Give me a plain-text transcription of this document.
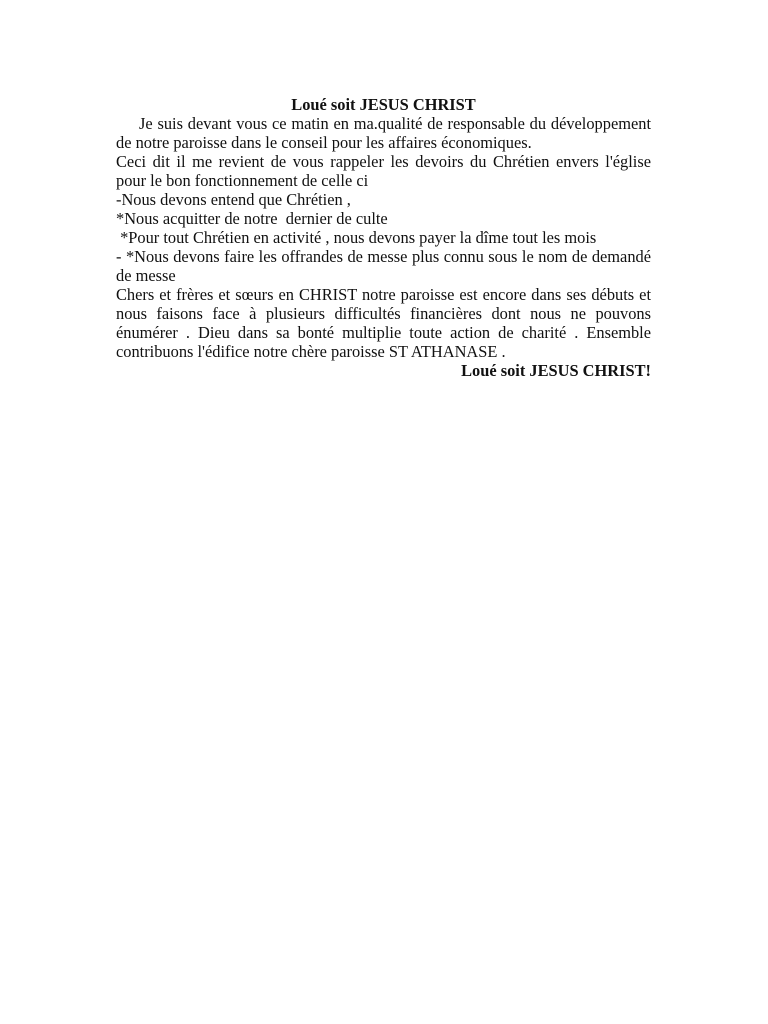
Loué soit JESUS CHRIST

Je suis devant vous ce matin en ma.qualité de responsable du développement de notre paroisse dans le conseil pour les affaires économiques.

Ceci dit il me revient de vous rappeler les devoirs du Chrétien envers l'église pour le bon fonctionnement de celle ci

-Nous devons entend que Chrétien ,

*Nous acquitter de notre  dernier de culte

*Pour tout Chrétien en activité , nous devons payer la dîme tout les mois

- *Nous devons faire les offrandes de messe plus connu sous le nom de demandé de messe

Chers et frères et sœurs en CHRIST notre paroisse est encore dans ses débuts et nous faisons face à plusieurs difficultés financières dont nous ne pouvons énumérer . Dieu dans sa bonté multiplie toute action de charité . Ensemble contribuons l'édifice notre chère paroisse ST ATHANASE .

Loué soit JESUS CHRIST!
